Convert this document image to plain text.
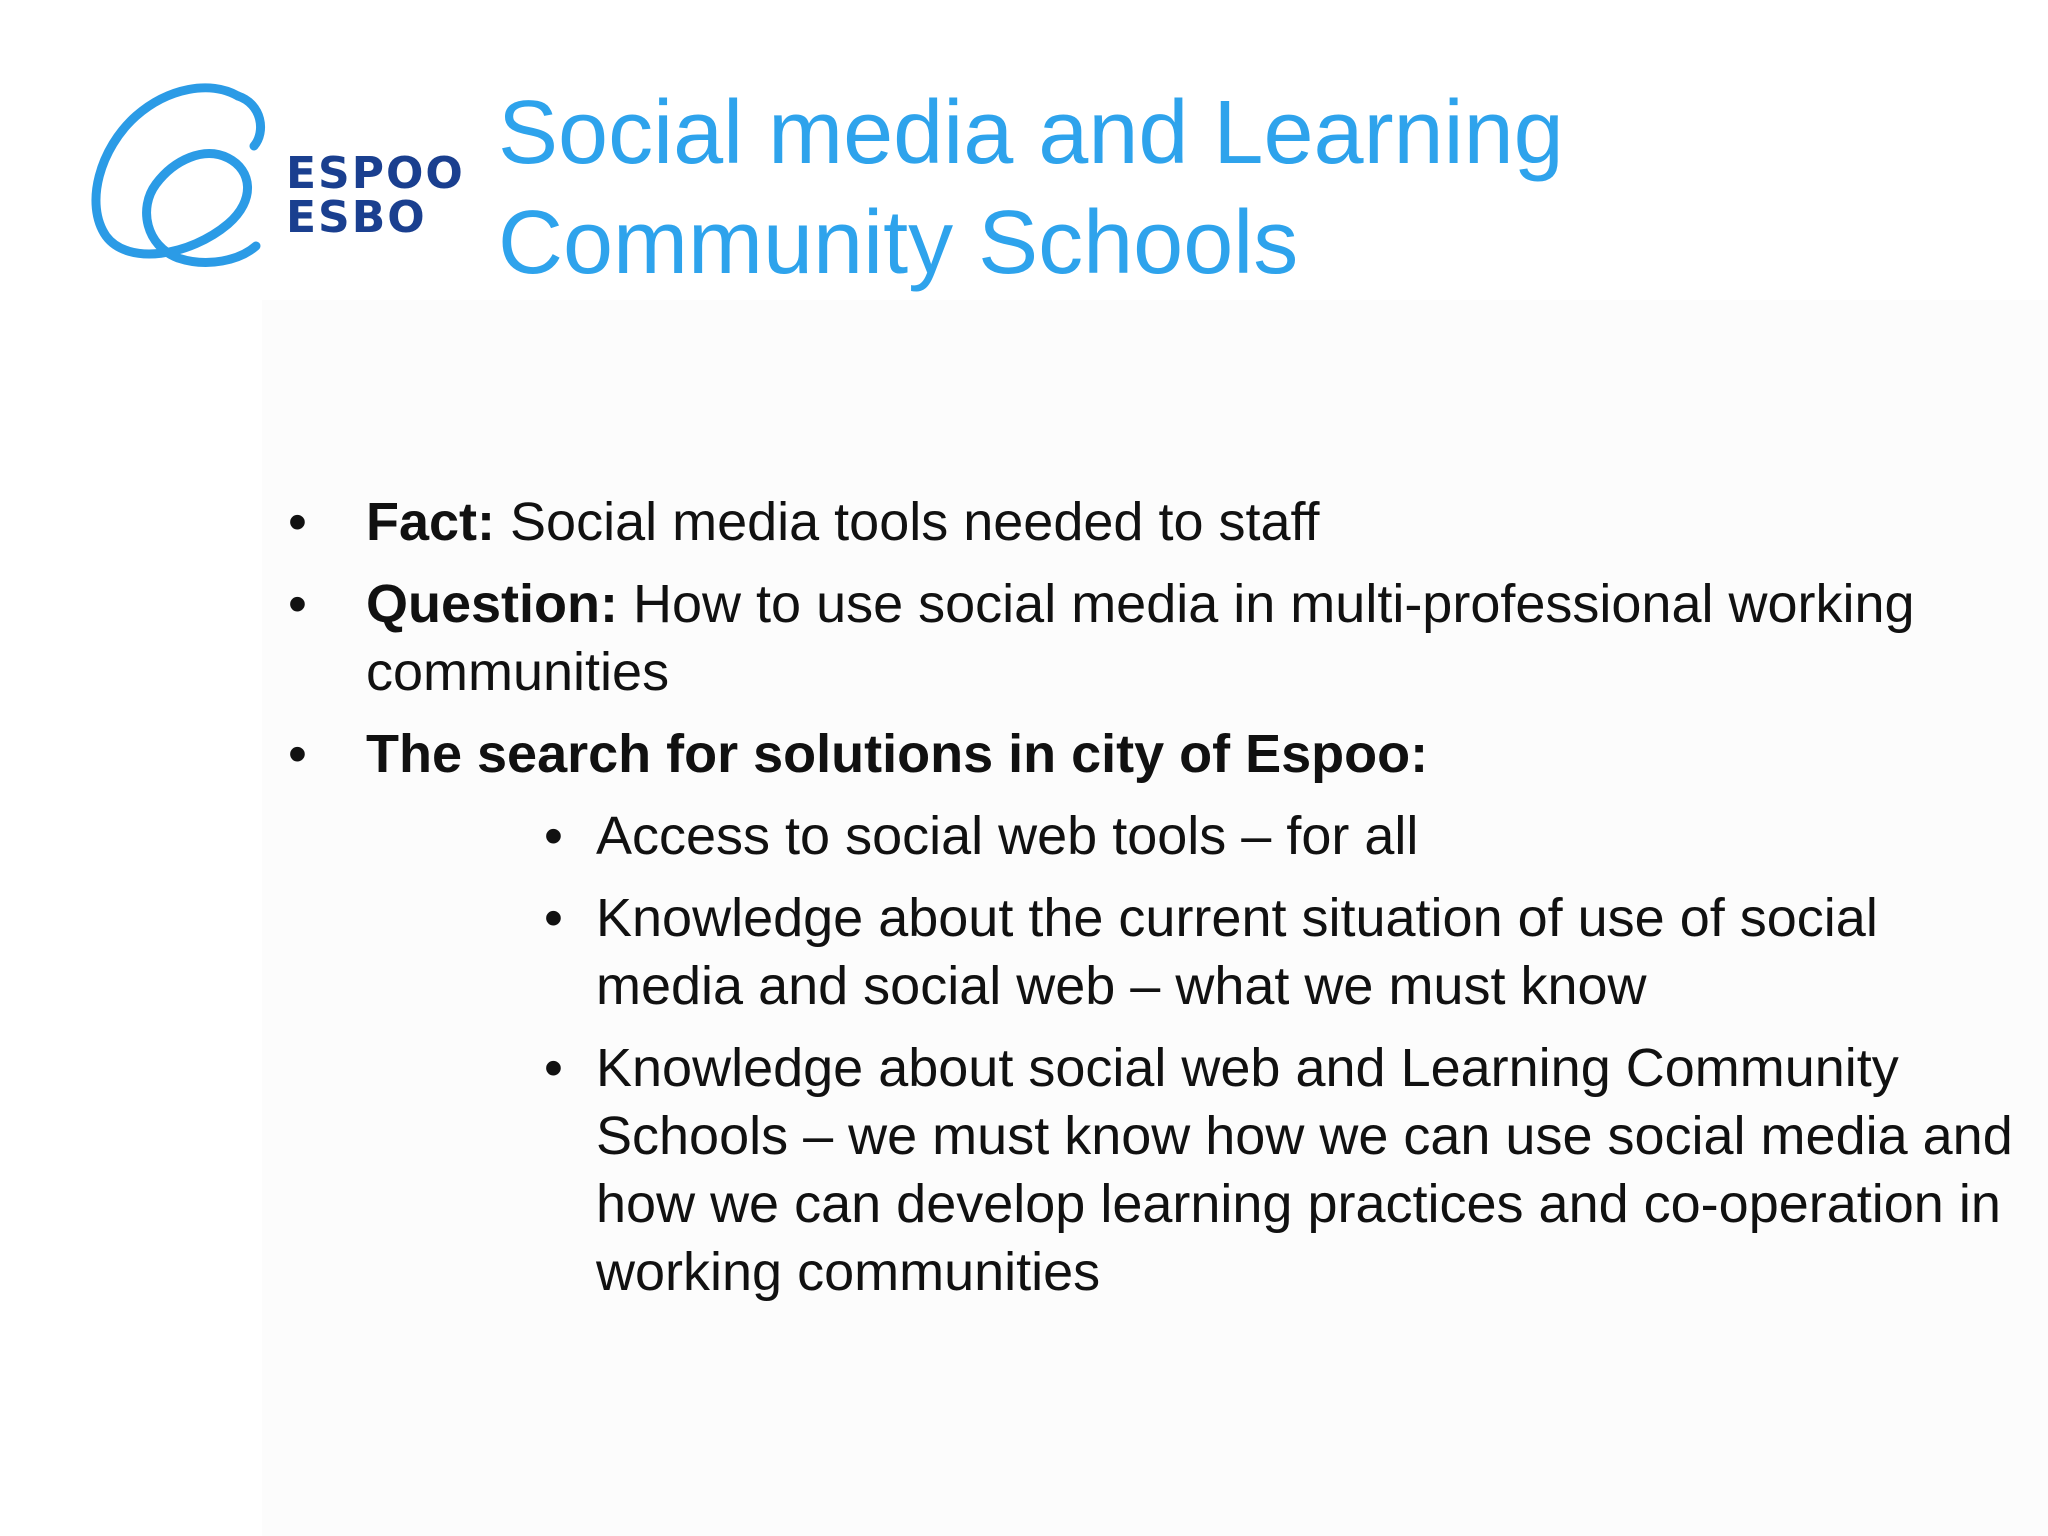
ESPOO
ESBO
Social media and Learning
Community Schools
• Fact: Social media tools needed to staff
• Question: How to use social media in multi-professional working communities
• The search for solutions in city of Espoo:
• Access to social web tools – for all
• Knowledge about the current situation of use of social media and social web – what we must know
• Knowledge about social web and Learning Community Schools – we must know how we can use social media and how we can develop learning practices and co-operation in working communities
